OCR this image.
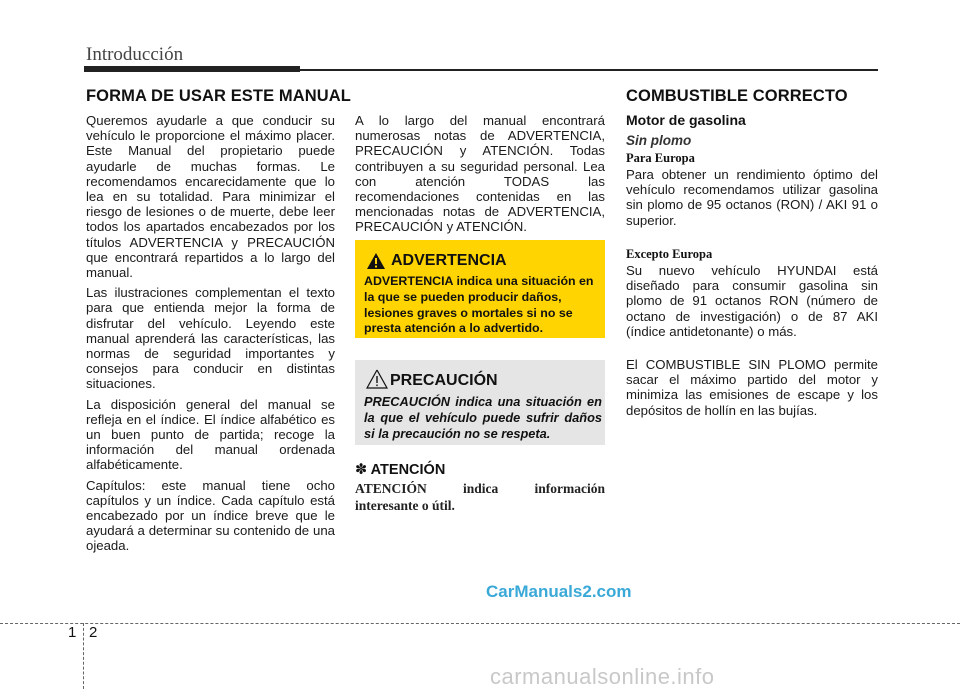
Introducción
FORMA DE USAR ESTE MANUAL

Queremos ayudarle a que conducir su vehículo le proporcione el máximo placer. Este Manual del propietario puede ayudarle de muchas formas. Le recomendamos encarecidamente que lo lea en su totalidad. Para minimizar el riesgo de lesiones o de muerte, debe leer todos los apartados encabezados por los títulos ADVERTENCIA y PRECAUCIÓN que encontrará repartidos a lo largo del manual.

Las ilustraciones complementan el texto para que entienda mejor la forma de disfrutar del vehículo. Leyendo este manual aprenderá las características, las normas de seguridad importantes y consejos para conducir en distintas situaciones.

La disposición general del manual se refleja en el índice. El índice alfabético es un buen punto de partida; recoge la información del manual ordenada alfabéticamente.

Capítulos: este manual tiene ocho capítulos y un índice. Cada capítulo está encabezado por un índice breve que le ayudará a determinar su contenido de una ojeada.

A lo largo del manual encontrará numerosas notas de ADVERTENCIA, PRECAUCIÓN y ATENCIÓN. Todas contribuyen a su seguridad personal. Lea con atención TODAS las recomendaciones contenidas en las mencionadas notas de ADVERTENCIA, PRECAUCIÓN y ATENCIÓN.

ADVERTENCIA
ADVERTENCIA indica una situación en la que se pueden producir daños, lesiones graves o mortales si no se presta atención a lo advertido.
PRECAUCIÓN
PRECAUCIÓN indica una situación en la que el vehículo puede sufrir daños si la precaución no se respeta.
✽ ATENCIÓN
ATENCIÓN indica información
interesante o útil.
COMBUSTIBLE CORRECTO
Motor de gasolina
Sin plomo
Para Europa

Para obtener un rendimiento óptimo del vehículo recomendamos utilizar gasolina sin plomo de 95 octanos (RON) / AKI 91 o superior.

Excepto Europa

Su nuevo vehículo HYUNDAI está diseñado para consumir gasolina sin plomo de 91 octanos RON (número de octano de investigación) o de 87 AKI (índice antidetonante) o más.

El COMBUSTIBLE SIN PLOMO permite sacar el máximo partido del motor y minimiza las emisiones de escape y los depósitos de hollín en las bujías.

CarManuals2.com
carmanualsonline.info
1 2
